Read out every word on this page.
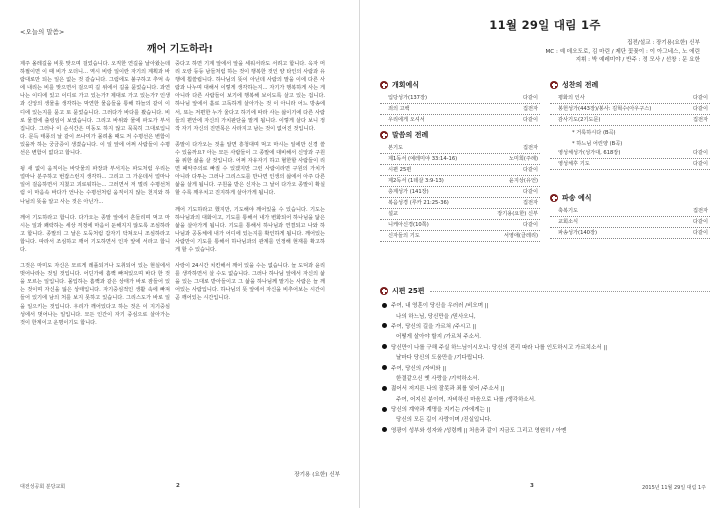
<오늘의 말씀>
깨어 기도하라!

제주 올레길을 비롯 맞으며 걸었습니다. 오직한 연길을 날아왔는데 하필이면 이 때 비가 오더니... 역시 비랑 일이란 자기의 계획과 바람대로만 되는 일은 없는 것 같습니다. 그럼에도 불구하고 추억 속에 내리는 비를 맞으면서 걸으며 길 위에서 길을 묻었습니다. 과연 나는 이디에 있고 이디로 가고 있는가? 제대로 가고 있는가? 인생과 신앙의 생물을 생각하는 막연한 물음들을 통해 하늘의 같이 이디에 있는지를 묻고 또 묻었습니다. 그러다가 바다를 봤습니다. 비로 물결에 출렁임이 보였습니다. 그리고 바위와 물에 파도가 부서집니다. 그러나 이 순식간은 미동도 하지 않고 묵묵히 그대로입니다. 문득 태풍의 날 같이 쓰나미가 몰려올 때도 저 수평선은 변함이 있을까 하는 궁금증이 생겼습니다. 이 일 앞에 어쩌 사람들이 수평선은 변함이 없다고 합니다.

뒹 새 없이 움직이는 바닷물의 파장과 부서지는 파도처럼 우리는 얼마나 분주하고 번잡스런지 생각하... 그리고 그 가운데서 얼마나 일어 걸음하면서 지쳤고 괴로워하는... 그러면서 저 멀리 수평선처럼 이 마음속 바다가 언나는 수평선처럼 움직이지 않는 천지와 하나님의 뜻을 알고 사는 것은 아닌가...

깨어 기도하라고 합니다. 다가오는 종말 앞에서 흔들리며 먹고 마시는 일과 쾌락하는 세상 걱정에 마음이 둔해지지 않도록 조심하라고 합니다. 종말의 그 날은 도둑처럼 갑자기 닥쳐오니 조심하라고 합니다. 따라서 조심하고 깨어 기도하면서 인자 앞에 서라고 합니다.

그것은 마미도 자신은 모르게 레플되거나 도취되어 있는 현실에서 벗어나라는 것일 것입니다. 어딘가에 흠뻑 빠져있으며 바다 한 것을 모르는 일입니다. 몰입하는 흠뻑과 같은 상태가 바로 잠들어 있는 것이며 자신을 잃은 상태입니다. 자기중심적인 생활 속에 빠져들어 있기에 남의 처를 보지 못하고 있습니다. 그리스도가 바로 일을 일으키는 것입니다. 우리가 깨어있다고 하는 것은 이 지기중심성에서 벗어나는 일입니다. 모든 인간이 자기 중심으로 살아가는 것이 한계이고 운명이기도 합니다.

중다고 하면 기계 앞에서 앞을 세워서라도 서려고 합니다. 옥자 머리 오랑 등등 남들처럼 하는 것이 행복한 것인 양 타인의 사람과 유행에 휩쓸립니다. 하나님의 뜻이 아닌데 사람의 말을 이에 다른 사람과 나누며 대해서 이렇게 생각하는지... 자기가 행복하게 사는 게 아니라 다른 사람들이 보기에 행복해 보이도록 살고 있는 겁니다. 하나님 앞에서 홀로 고독하게 살아가는 것 이 아니라 어느 방송에서, 또는 저편한 누가 울다고 하기에 따라 사는 삶이기에 다른 사람들의 편안에 자신의 가치판단을 맡게 됩니다. 이렇게 살다 보니 정작 자기 자신의 진면목은 사라지고 남는 것이 없어진 것입니다.

종말이 다가오는 것을 알면 흥청대며 먹고 마시는 일에만 신경 쓸 수 있을까요? 아는 모든 사람들이 그 종말에 대비해서 신앙과 구원을 위한 삶을 살 것입니다. 어쩌 자유자기 하고 혈한할 사람들이 리면 패악주의로 빠질 수 있겠지만 그런 사람이라면 구원의 가치가 아니라 다투는 그러나 그리스도를 만나면 인생의 삶에서 아주 다른 삶을 살게 됩니다. 구원을 받은 신자는 그 날이 다가오 종말이 확실할 수록 깨우치고 진지하게 살아가게 됩니다.

깨어 기도하라고 했지만, 기도해야 깨어있을 수 있습니다. 기도는 하나님과의 대화이고, 기도를 통해서 내가 변화되어 하나님을 닮은 삶을 살아가게 됩니다. 기도를 통해서 하나님과 연결되고 나와 하나님과 공동체에 내가 어디에 있는지를 확인하게 됩니다. 깨어있는 사람만이 기도를 통해서 하나님과의 관계를 인정해 현재를 확고하게 할 수 있습니다.

사랑이 24시간 치킨해서 깨어 있을 수는 없습니다. 늘 도덕과 윤리를 생각하면서 살 수도 없습니다. 그러나 하나님 앞에서 자신의 삶을 있는 그대로 받아들이고 그 삶을 하나님께 맡기는 사람은 늘 깨어있는 사람입니다. 하나님의 뜻 앞에서 자신을 비추어보는 시간이 곧 깨어있는 시간입니다.

장기용 (요한) 신부
대전성공회 분당교회	2
11월 29일 대림 1주
집전/설교 : 장기용(요한) 신부
MC : 예 데오도로, 김 마린 / 제단 꽃꽂이 : 이 아그네스, 노 에린
지휘 : 박 예레미야 / 반주 : 정 모사 / 선창 : 문 요한
개회예식
입당성가(137장)	다같이
죄의 고백	집전자
우리에게 오셔서	다같이
말씀의 전례
본기도	집전자
제1독서 (예레미야 33:14-16)	노미희(주례)
시편 25편	다같이
제2독서 (1데살 3:9-13)	윤지상(유언)
층계성가 (141장)	다같이
복음성경 (루카 21:25-36)	집전자
설교	장기용(요한) 신부
니케아신경(10쪽)	다같이
신자들의 기도	서영애(클레리)
성찬의 전례
평화의 인사	다같이
봉헌성가(443장)/봉사: 김혁수(아우구스)	다같이
감사기도(2기도문)	집전자
* 거룩하시다 (B곡)
* 하느님 어린양 (B곡)
영성체성가(성가대, 618장)	다같이
영성체후 기도	다같이
파송 예식
축복기도	집전자
교회소식	다같이
파송성가(140장)	다같이
시편 25편
주여, 내 영혼이 당신을 우러러 /비오며 ||
나의 하느님, 당신만을 /믿사오니,
주여, 당신의 길을 가르쳐 /주시고 ||
어떻게 살아야 할지 /가르쳐 주소서.
당신만이 나를 구해 주실 하느님이시오니: 당신의 진리 따라 나를 인도하시고 가르치소서 ||
날마다 당신의 도움만을 /기다립니다.
주여, 당신의 /자비와 ||
한결같으신 옛 사랑을 /기억하소서.
젊어서 저지른 나의 잘못과 죄를 잊어 /주소서 ||
주여, 어지신 분이여, 자비하신 마음으로 나를 /생각하소서.
당신의 계약과 계명을 지키는 /자에게는 ||
당신의 모든 길이 사랑이며 /진실입니다.
영광이 성부와 성자와 /성령께 || 처음과 같이 지금도 그리고 영원히 / 아멘
3	2015년 11월 29일 대림 1주
